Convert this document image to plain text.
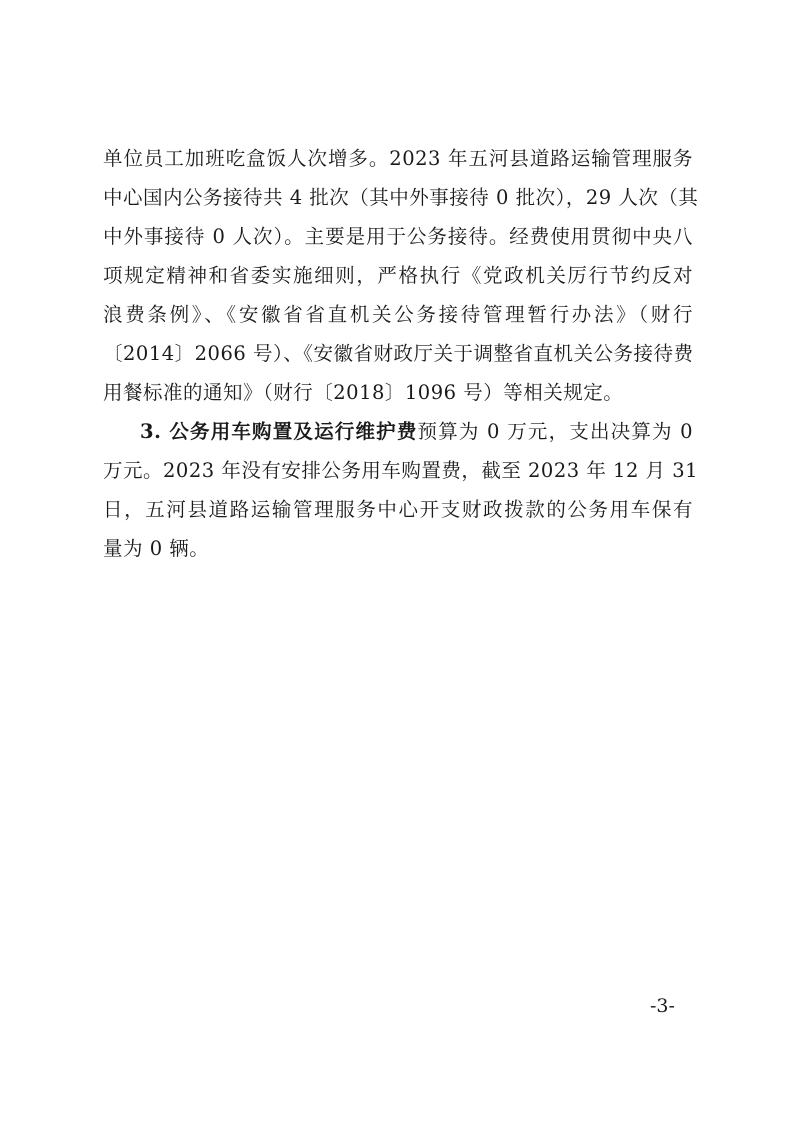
单位员工加班吃盒饭人次增多。2023 年五河县道路运输管理服务
中心国内公务接待共 4 批次（其中外事接待 0 批次），29 人次（其
中外事接待 0 人次）。主要是用于公务接待。经费使用贯彻中央八
项规定精神和省委实施细则，严格执行《党政机关厉行节约反对
浪费条例》、《安徽省省直机关公务接待管理暂行办法》（财行
〔2014〕2066 号）、《安徽省财政厅关于调整省直机关公务接待费
用餐标准的通知》（财行〔2018〕1096 号）等相关规定。
3. 公务用车购置及运行维护费预算为 0 万元，支出决算为 0
万元。2023 年没有安排公务用车购置费，截至 2023 年 12 月 31
日，五河县道路运输管理服务中心开支财政拨款的公务用车保有
量为 0 辆。
-3-
